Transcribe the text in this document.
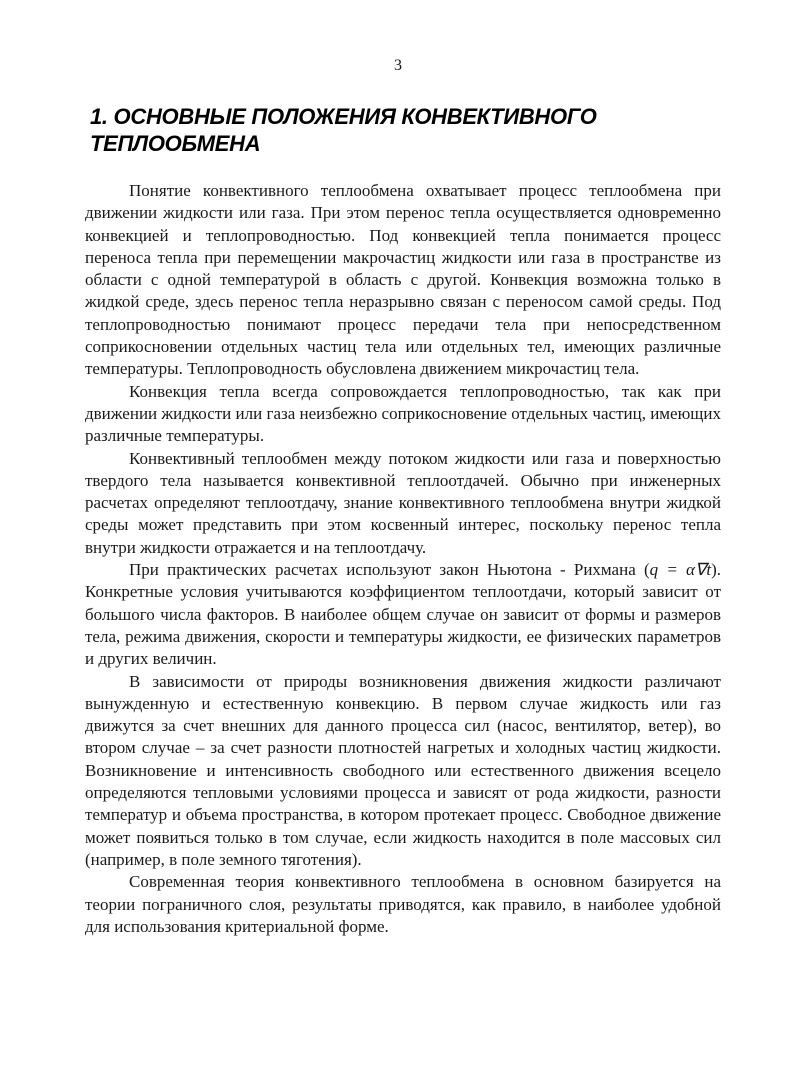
3
1. ОСНОВНЫЕ ПОЛОЖЕНИЯ КОНВЕКТИВНОГО
ТЕПЛООБМЕНА

Понятие конвективного теплообмена охватывает процесс теплообмена при движении жидкости или газа. При этом перенос тепла осуществляется одновременно конвекцией и теплопроводностью. Под конвекцией тепла понимается процесс переноса тепла при перемещении макрочастиц жидкости или газа в пространстве из области с одной температурой в область с другой. Конвекция возможна только в жидкой среде, здесь перенос тепла неразрывно связан с переносом самой среды. Под теплопроводностью понимают процесс передачи тела при непосредственном соприкосновении отдельных частиц тела или отдельных тел, имеющих различные температуры. Теплопроводность обусловлена движением микрочастиц тела.

Конвекция тепла всегда сопровождается теплопроводностью, так как при движении жидкости или газа неизбежно соприкосновение отдельных частиц, имеющих различные температуры.

Конвективный теплообмен между потоком жидкости или газа и поверхностью твердого тела называется конвективной теплоотдачей. Обычно при инженерных расчетах определяют теплоотдачу, знание конвективного теплообмена внутри жидкой среды может представить при этом косвенный интерес, поскольку перенос тепла внутри жидкости отражается и на теплоотдачу.

При практических расчетах используют закон Ньютона - Рихмана (q = α∇t). Конкретные условия учитываются коэффициентом теплоотдачи, который зависит от большого числа факторов. В наиболее общем случае он зависит от формы и размеров тела, режима движения, скорости и температуры жидкости, ее физических параметров и других величин.

В зависимости от природы возникновения движения жидкости различают вынужденную и естественную конвекцию. В первом случае жидкость или газ движутся за счет внешних для данного процесса сил (насос, вентилятор, ветер), во втором случае – за счет разности плотностей нагретых и холодных частиц жидкости. Возникновение и интенсивность свободного или естественного движения всецело определяются тепловыми условиями процесса и зависят от рода жидкости, разности температур и объема пространства, в котором протекает процесс. Свободное движение может появиться только в том случае, если жидкость находится в поле массовых сил (например, в поле земного тяготения).

Современная теория конвективного теплообмена в основном базируется на теории пограничного слоя, результаты приводятся, как правило, в наиболее удобной для использования критериальной форме.
